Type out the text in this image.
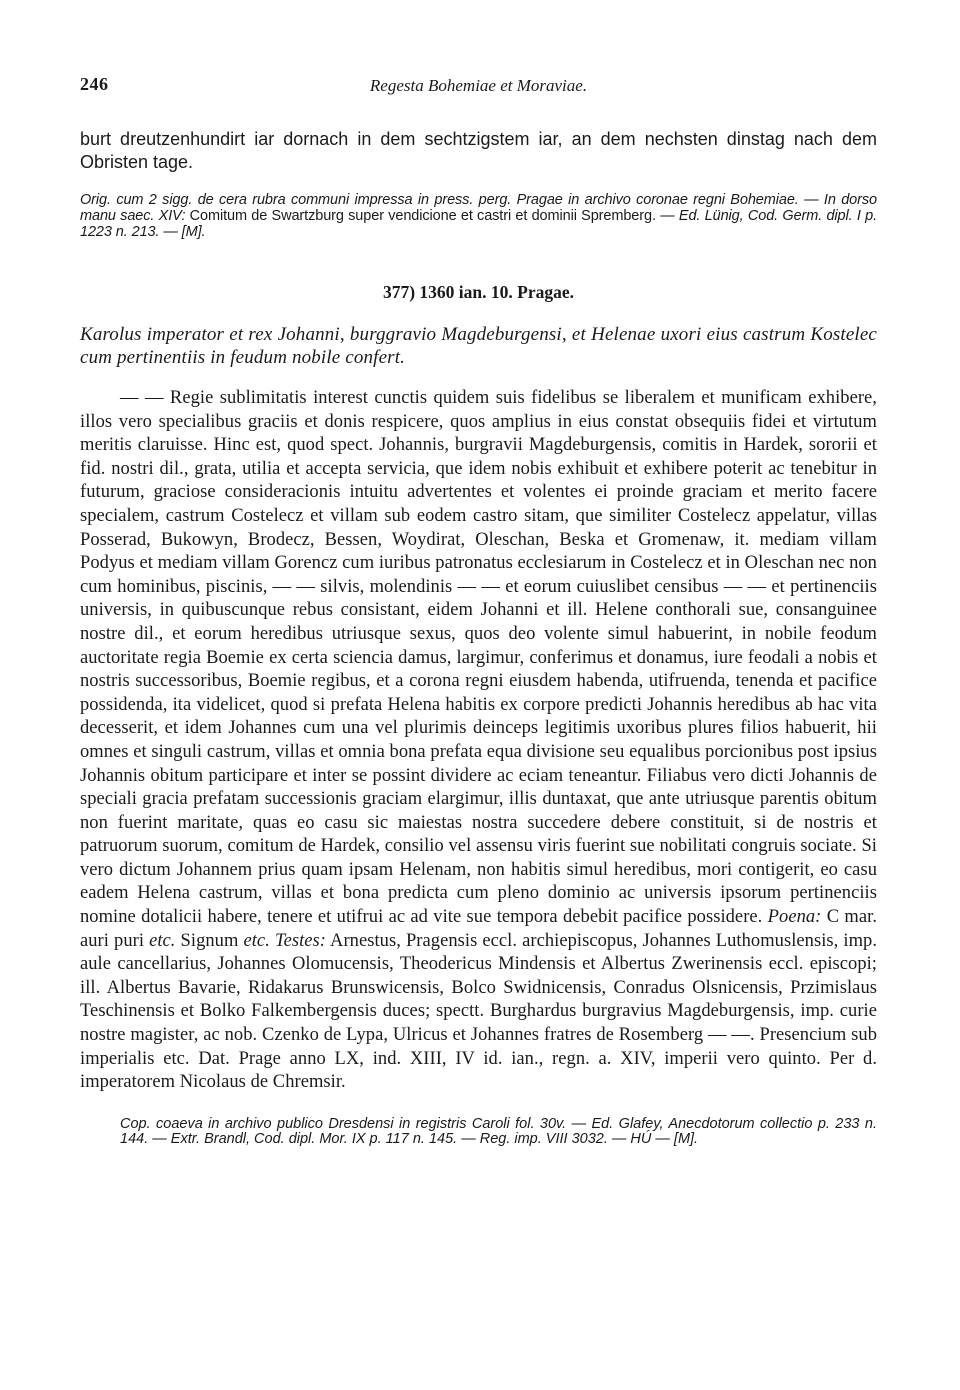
246	Regesta Bohemiae et Moraviae.
burt dreutzenhundirt iar dornach in dem sechtzigstem iar, an dem nechsten dinstag nach dem Obristen tage.
Orig. cum 2 sigg. de cera rubra communi impressa in press. perg. Pragae in archivo coronae regni Bohemiae. — In dorso manu saec. XIV: Comitum de Swartzburg super vendicione et castri et dominii Spremberg. — Ed. Lünig, Cod. Germ. dipl. I p. 1223 n. 213. — [M].
377) 1360 ian. 10. Pragae.
Karolus imperator et rex Johanni, burggravio Magdeburgensi, et Helenae uxori eius castrum Kostelec cum pertinentiis in feudum nobile confert.
— — Regie sublimitatis interest cunctis quidem suis fidelibus se liberalem et munificam exhibere, illos vero specialibus graciis et donis respicere, quos amplius in eius constat obsequiis fidei et virtutum meritis claruisse. Hinc est, quod spect. Johannis, burgravii Magdeburgensis, comitis in Hardek, sororii et fid. nostri dil., grata, utilia et accepta servicia, que idem nobis exhibuit et exhibere poterit ac tenebitur in futurum, graciose consideracionis intuitu advertentes et volentes ei proinde graciam et merito facere specialem, castrum Costelecz et villam sub eodem castro sitam, que similiter Costelecz appelatur, villas Posserad, Bukowyn, Brodecz, Bessen, Woydirat, Oleschan, Beska et Gromenaw, it. mediam villam Podyus et mediam villam Gorencz cum iuribus patronatus ecclesiarum in Costelecz et in Oleschan nec non cum hominibus, piscinis, — — silvis, molendinis — — et eorum cuiuslibet censibus — — et pertinenciis universis, in quibuscunque rebus consistant, eidem Johanni et ill. Helene conthorali sue, consanguinee nostre dil., et eorum heredibus utriusque sexus, quos deo volente simul habuerint, in nobile feodum auctoritate regia Boemie ex certa sciencia damus, largimur, conferimus et donamus, iure feodali a nobis et nostris successoribus, Boemie regibus, et a corona regni eiusdem habenda, utifruenda, tenenda et pacifice possidenda, ita videlicet, quod si prefata Helena habitis ex corpore predicti Johannis heredibus ab hac vita decesserit, et idem Johannes cum una vel plurimis deinceps legitimis uxoribus plures filios habuerit, hii omnes et singuli castrum, villas et omnia bona prefata equa divisione seu equalibus porcionibus post ipsius Johannis obitum participare et inter se possint dividere ac eciam teneantur. Filiabus vero dicti Johannis de speciali gracia prefatam successionis graciam elargimur, illis duntaxat, que ante utriusque parentis obitum non fuerint maritate, quas eo casu sic maiestas nostra succedere debere constituit, si de nostris et patruorum suorum, comitum de Hardek, consilio vel assensu viris fuerint sue nobilitati congruis sociate. Si vero dictum Johannem prius quam ipsam Helenam, non habitis simul heredibus, mori contigerit, eo casu eadem Helena castrum, villas et bona predicta cum pleno dominio ac universis ipsorum pertinenciis nomine dotalicii habere, tenere et utifrui ac ad vite sue tempora debebit pacifice possidere. Poena: C mar. auri puri etc. Signum etc. Testes: Arnestus, Pragensis eccl. archiepiscopus, Johannes Luthomuslensis, imp. aule cancellarius, Johannes Olomucensis, Theodericus Mindensis et Albertus Zwerinensis eccl. episcopi; ill. Albertus Bavarie, Ridakarus Brunswicensis, Bolco Swidnicensis, Conradus Olsnicensis, Przimislaus Teschinensis et Bolko Falkembergensis duces; spectt. Burghardus burgravius Magdeburgensis, imp. curie nostre magister, ac nob. Czenko de Lypa, Ulricus et Johannes fratres de Rosemberg — —. Presencium sub imperialis etc. Dat. Prage anno LX, ind. XIII, IV id. ian., regn. a. XIV, imperii vero quinto. Per d. imperatorem Nicolaus de Chremsir.
Cop. coaeva in archivo publico Dresdensi in registris Caroli fol. 30v. — Ed. Glafey, Anecdotorum collectio p. 233 n. 144. — Extr. Brandl, Cod. dipl. Mor. IX p. 117 n. 145. — Reg. imp. VIII 3032. — HÚ — [M].
